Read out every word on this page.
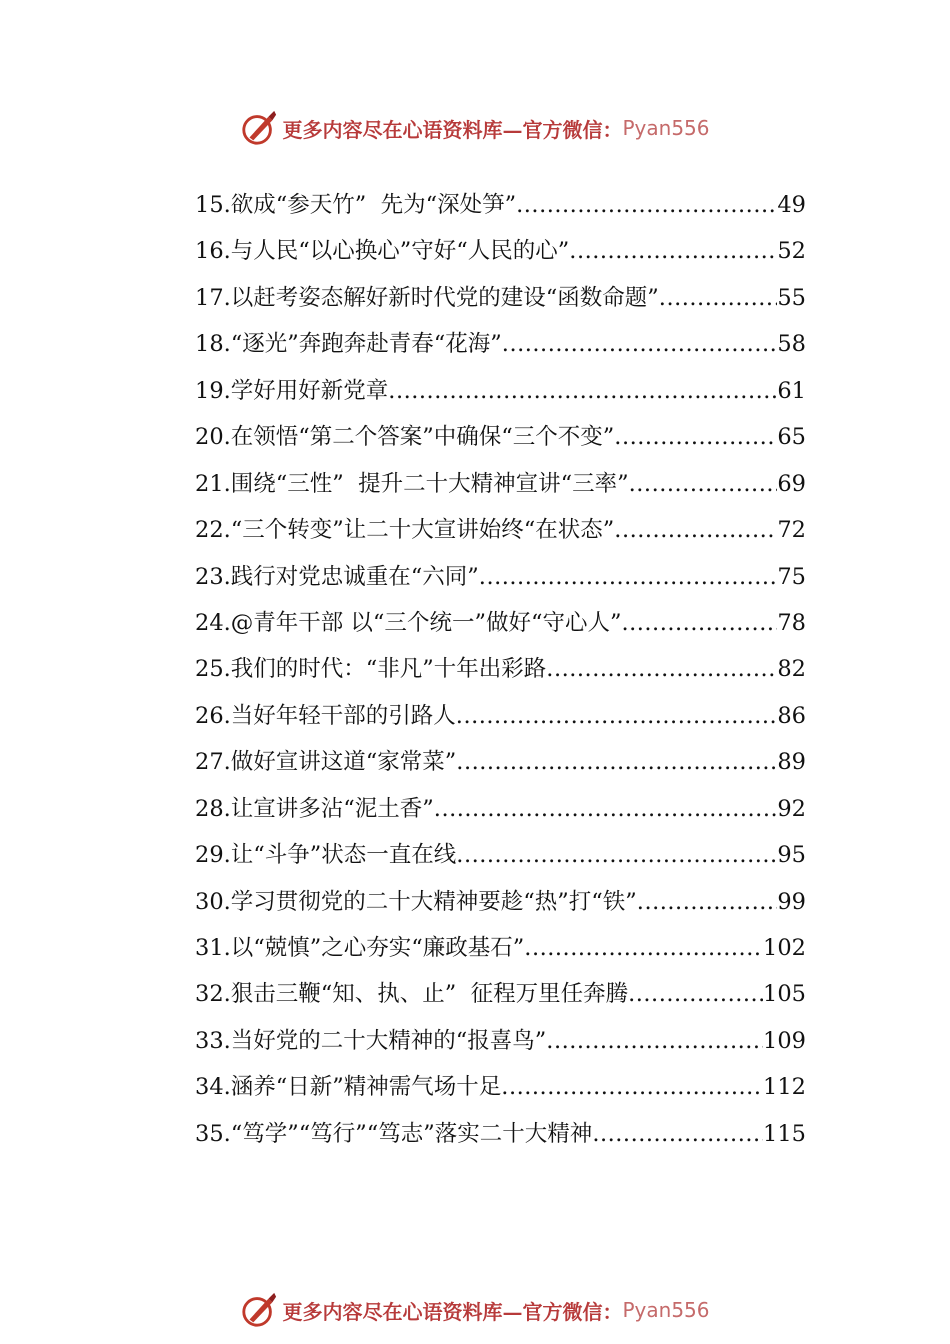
更多内容尽在心语资料库—官方微信： Pyan556
15.欲成“参天竹”  先为“深处笋” .....	49
16.与人民“以心换心”守好“人民的心” .....	52
17.以赶考姿态解好新时代党的建设“函数命题” .....	55
18.“逐光”奔跑奔赴青春“花海” .....	58
19.学好用好新党章 .....	61
20.在领悟“第二个答案”中确保“三个不变” .....	65
21.围绕“三性”  提升二十大精神宣讲“三率” .....	69
22.“三个转变”让二十大宣讲始终“在状态” .....	72
23.践行对党忠诚重在“六同” .....	75
24.@青年干部 以“三个统一”做好“守心人” .....	78
25.我们的时代：“非凡”十年出彩路 .....	82
26.当好年轻干部的引路人 .....	86
27.做好宣讲这道“家常菜” .....	89
28.让宣讲多沾“泥土香” .....	92
29.让“斗争”状态一直在线 .....	95
30.学习贯彻党的二十大精神要趁“热”打“铁” .....	99
31.以“兢慎”之心夯实“廉政基石” .....	102
32.狠击三鞭“知、执、止”  征程万里任奔腾 .....	105
33.当好党的二十大精神的“报喜鸟” .....	109
34.涵养“日新”精神需气场十足 .....	112
35.“笃学”“笃行”“笃志”落实二十大精神 .....	115
更多内容尽在心语资料库—官方微信： Pyan556
